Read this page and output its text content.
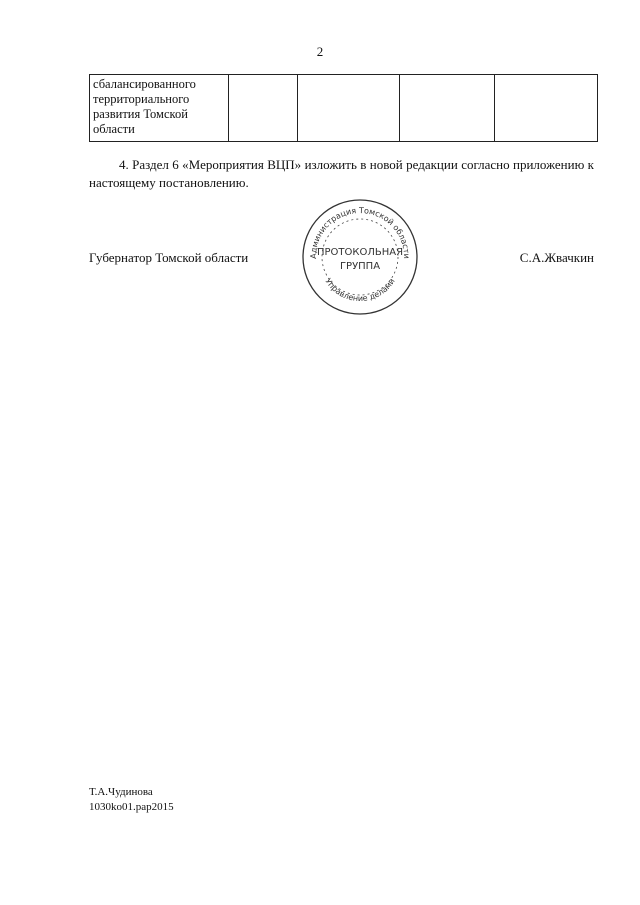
2
сбалансированного
территориального
развития Томской
области

4. Раздел 6 «Мероприятия ВЦП» изложить в новой редакции согласно приложению к настоящему постановлению.
Губернатор Томской области	С.А.Жвачкин
Администрация Томской области
Управление делами
ПРОТОКОЛЬНАЯ
ГРУППА
Т.А.Чудинова
1030ko01.pap2015
